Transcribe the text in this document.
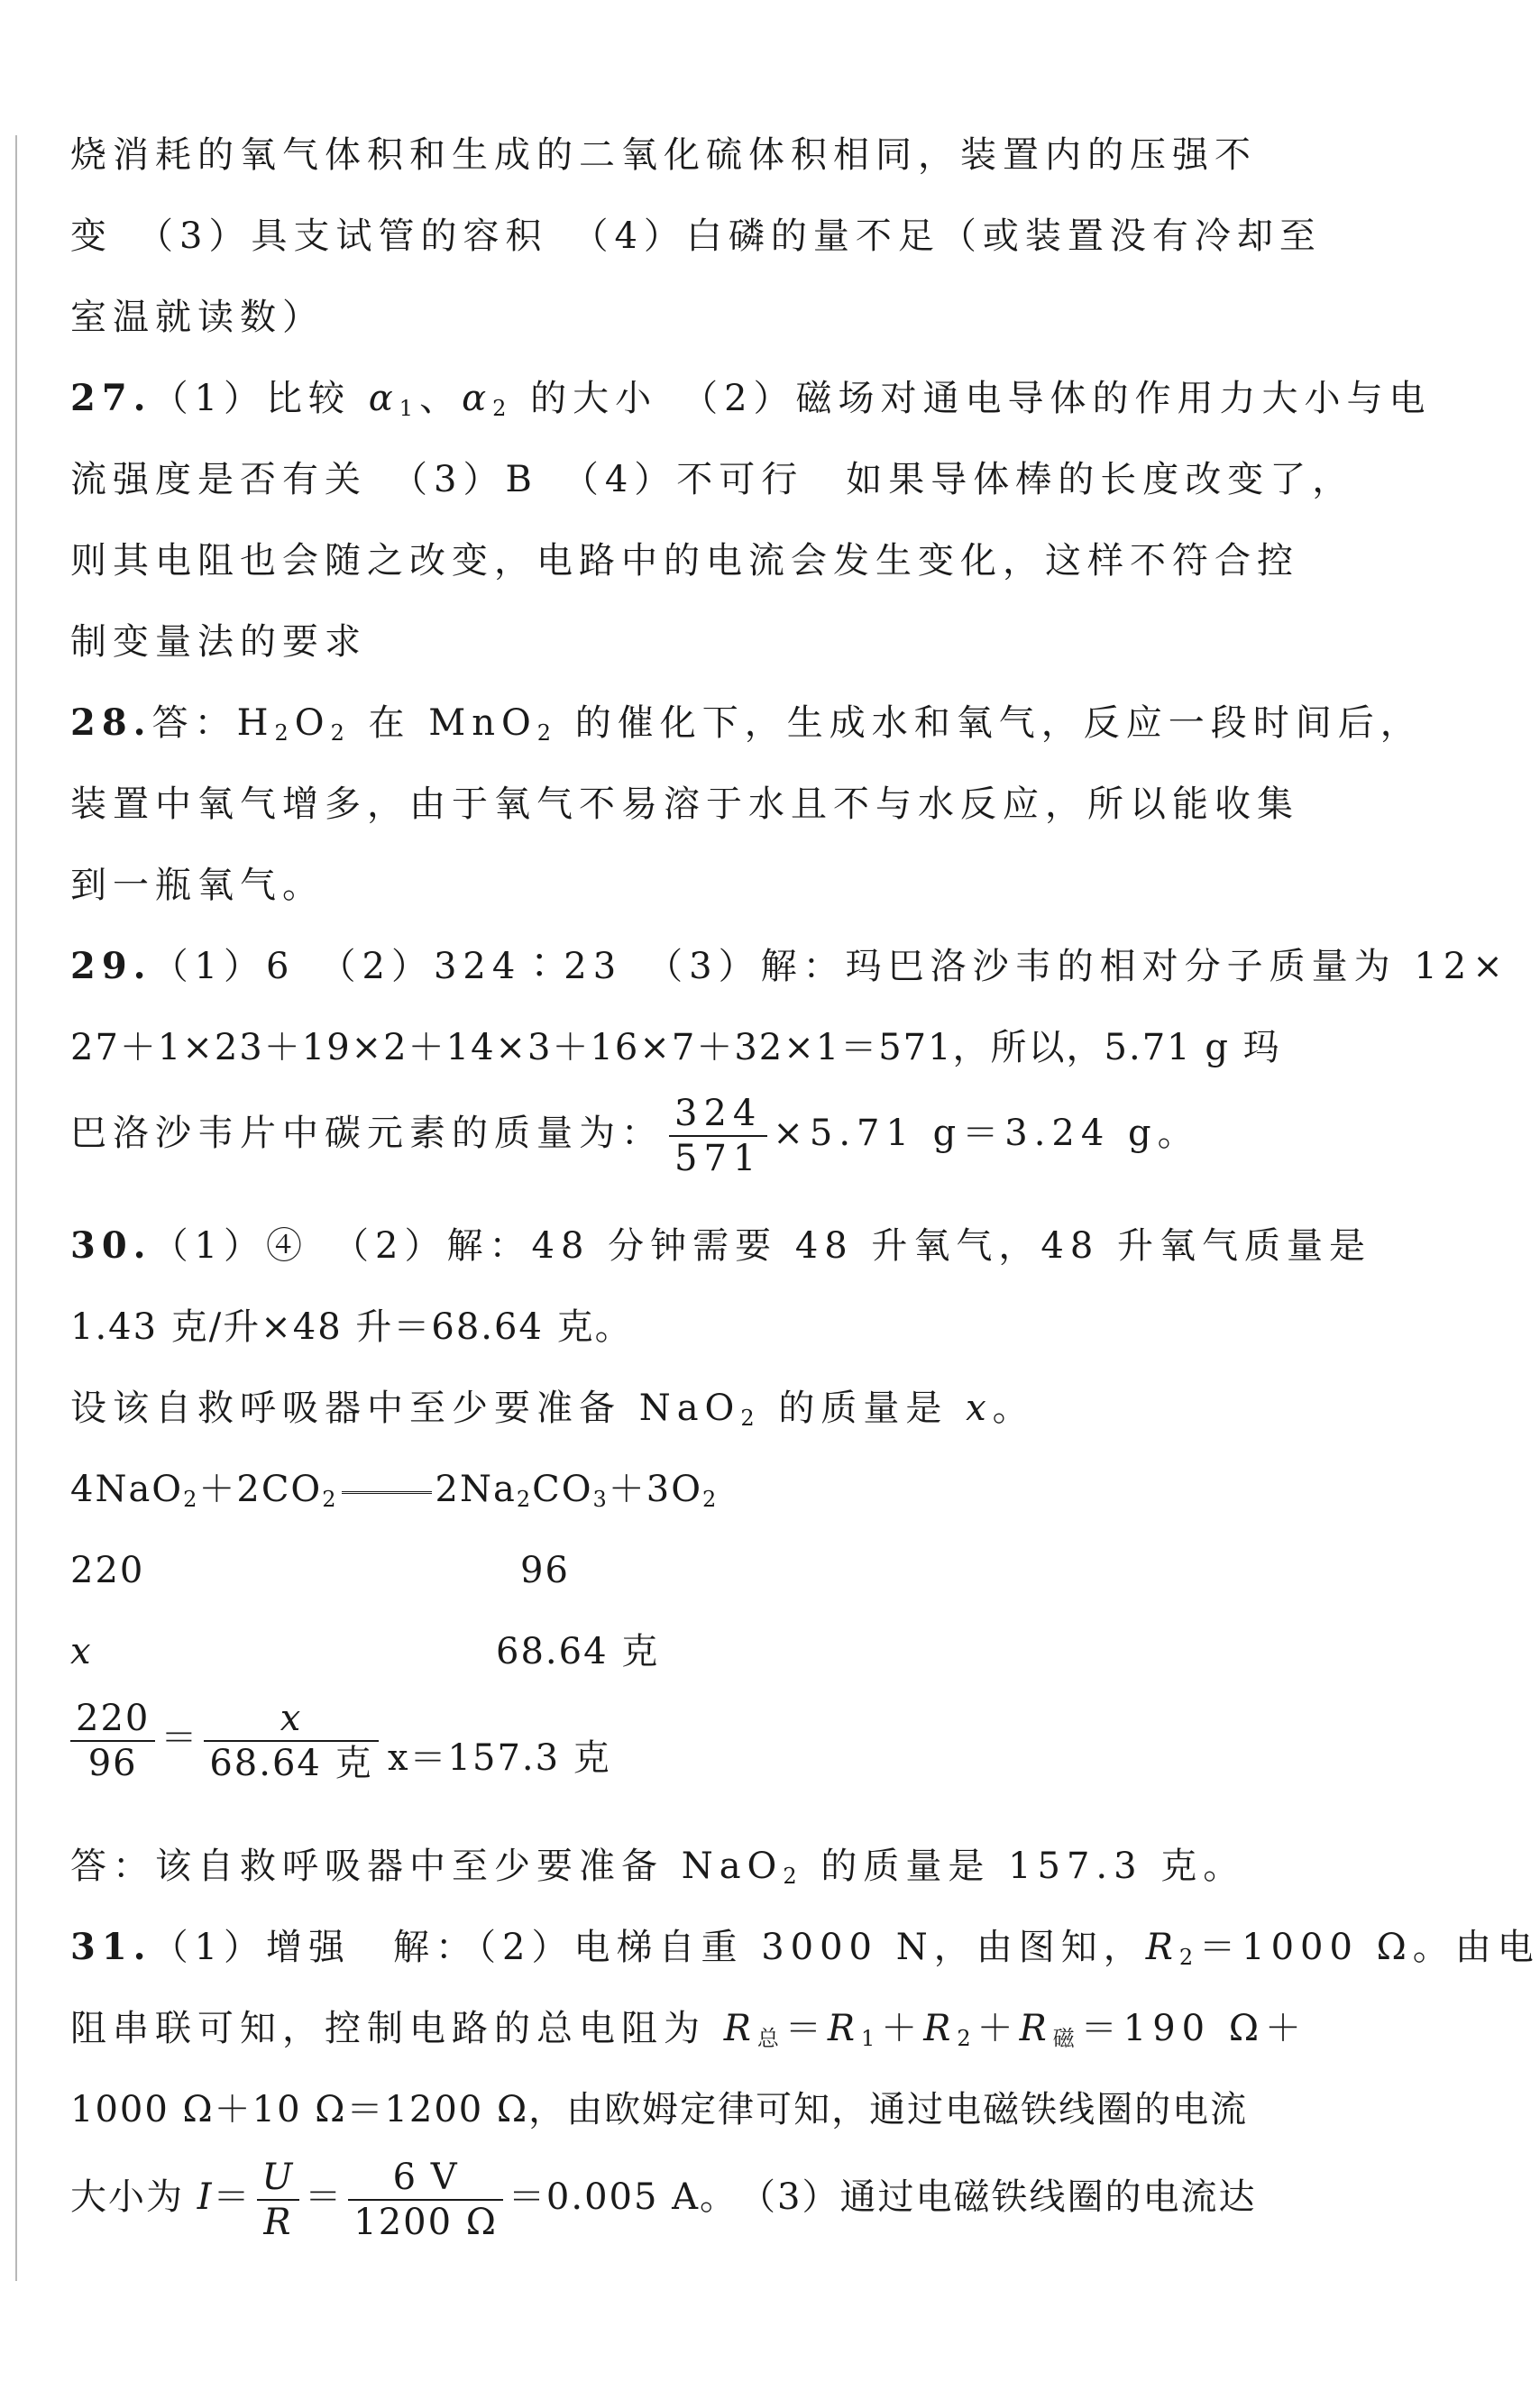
烧消耗的氧气体积和生成的二氧化硫体积相同，装置内的压强不
变　（3）具支试管的容积　（4）白磷的量不足（或装置没有冷却至
室温就读数）
27.（1）比较 $\alpha_1$、$\alpha_2$ 的大小　（2）磁场对通电导体的作用力大小与电
流强度是否有关　（3）B　（4）不可行　如果导体棒的长度改变了，
则其电阻也会随之改变，电路中的电流会发生变化，这样不符合控
制变量法的要求
28.答：$H_2O_2$ 在 MnO$_2$ 的催化下，生成水和氧气，反应一段时间后，
装置中氧气增多，由于氧气不易溶于水且不与水反应，所以能收集
到一瓶氧气。
29.（1）6　（2）324∶23　（3）解：玛巴洛沙韦的相对分子质量为 12×
27＋1×23＋19×2＋14×3＋16×7＋32×1＝571，所以，5.71 g 玛
巴洛沙韦片中碳元素的质量为： $\frac{324}{571} \times 5.71$ g＝3.24 g。
30.（1）④　（2）解：48 分钟需要 48 升氧气，48 升氧气质量是
1.43 克/升×48 升＝68.64 克。
设该自救呼吸器中至少要准备 NaO$_2$ 的质量是 x。
$4NaO_2+2CO_2$	$2Na_2CO_3+3O_2$
220	96
x	68.64 克
$\frac{220}{96} = \frac{x}{\text{68.64 克}} x=157.3$ 克
答：该自救呼吸器中至少要准备 NaO$_2$ 的质量是 157.3 克。
31.（1）增强　解：（2）电梯自重 3000 N，由图知，$R_2=1000$ Ω。由电
阻串联可知，控制电路的总电阻为 $R_总=R_1+R_2+R_磁=190$ Ω＋
1000 Ω＋10 Ω＝1200 Ω，由欧姆定律可知，通过电磁铁线圈的电流
大小为 $I= \frac{U}{R} = \frac{6 V}{1200 \Omega} =0.005$ A。　（3）通过电磁铁线圈的电流达
